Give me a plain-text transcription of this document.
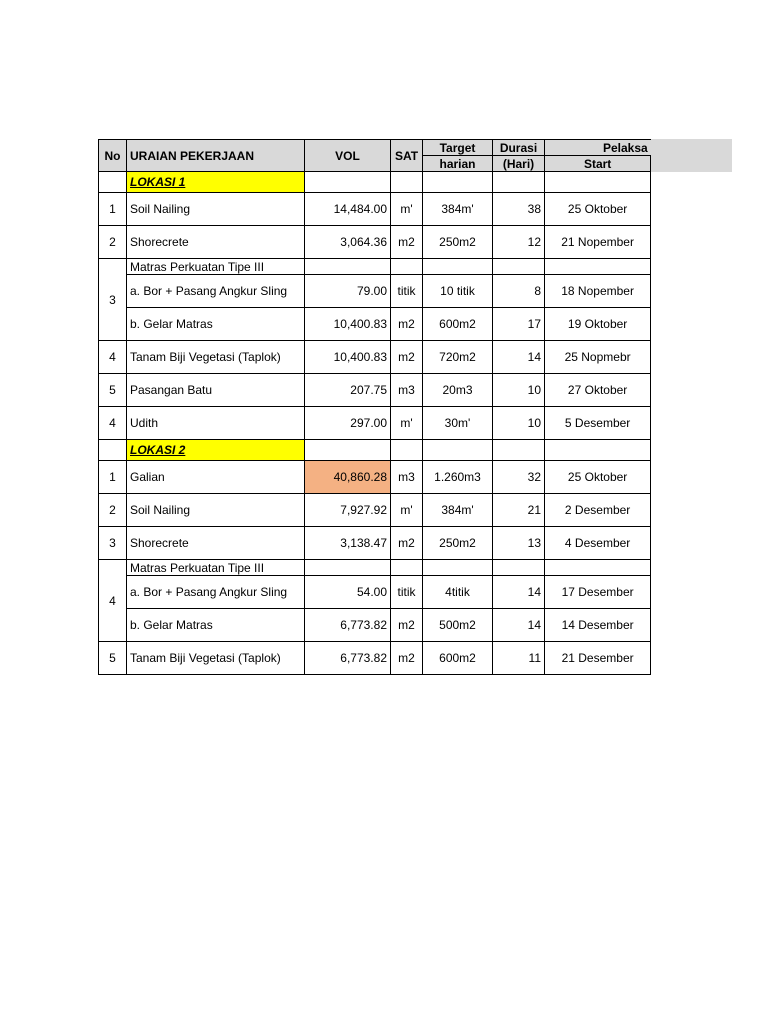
No	URAIAN PEKERJAAN	VOL	SAT	Target	Durasi	Pelaksa
				harian	(Hari)	Start
	LOKASI 1					
1	Soil Nailing	14,484.00	m'	384m'	38	25 Oktober
2	Shorecrete	3,064.36	m2	250m2	12	21 Nopember
3	Matras Perkuatan Tipe III					
	a. Bor + Pasang Angkur Sling	79.00	titik	10 titik	8	18 Nopember
	b. Gelar Matras	10,400.83	m2	600m2	17	19 Oktober
4	Tanam Biji Vegetasi (Taplok)	10,400.83	m2	720m2	14	25 Nopmebr
5	Pasangan Batu	207.75	m3	20m3	10	27 Oktober
4	Udith	297.00	m'	30m'	10	5 Desember
	LOKASI 2					
1	Galian	40,860.28	m3	1.260m3	32	25 Oktober
2	Soil Nailing	7,927.92	m'	384m'	21	2 Desember
3	Shorecrete	3,138.47	m2	250m2	13	4 Desember
4	Matras Perkuatan Tipe III					
	a. Bor + Pasang Angkur Sling	54.00	titik	4titik	14	17 Desember
	b. Gelar Matras	6,773.82	m2	500m2	14	14 Desember
5	Tanam Biji Vegetasi (Taplok)	6,773.82	m2	600m2	11	21 Desember
